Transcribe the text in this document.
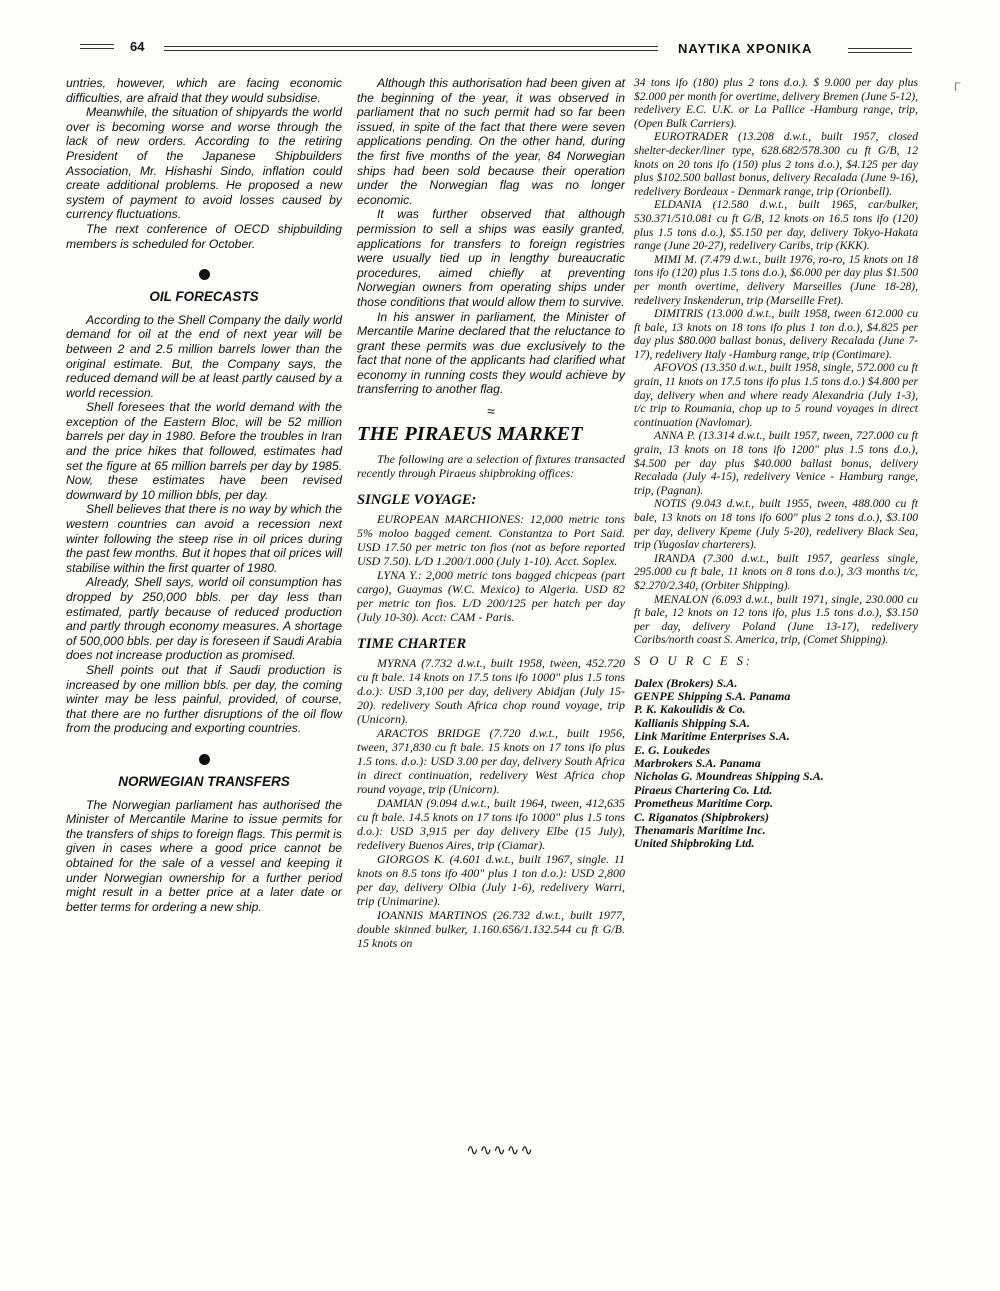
64	ΝΑΥΤΙΚΑ ΧΡΟΝΙΚΑ
Γ

untries, however, which are facing economic difficulties, are afraid that they would subsidise.

Meanwhile, the situation of shipyards the world over is becoming worse and worse through the lack of new orders. According to the retiring President of the Japanese Shipbuilders Association, Mr. Hishashi Sindo, inflation could create additional problems. He proposed a new system of payment to avoid losses caused by currency fluctuations.

The next conference of OECD shipbuilding members is scheduled for October.

OIL FORECASTS

According to the Shell Company the daily world demand for oil at the end of next year will be between 2 and 2.5 million barrels lower than the original estimate. But, the Company says, the reduced demand will be at least partly caused by a world recession.

Shell foresees that the world demand with the exception of the Eastern Bloc, will be 52 million barrels per day in 1980. Before the troubles in Iran and the price hikes that followed, estimates had set the figure at 65 million barrels per day by 1985. Now, these estimates have been revised downward by 10 million bbls, per day.

Shell believes that there is no way by which the western countries can avoid a recession next winter following the steep rise in oil prices during the past few months. But it hopes that oil prices will stabilise within the first quarter of 1980.

Already, Shell says, world oil consumption has dropped by 250,000 bbls. per day less than estimated, partly because of reduced production and partly through economy measures. A shortage of 500,000 bbls. per day is foreseen if Saudi Arabia does not increase production as promised.

Shell points out that if Saudi production is increased by one million bbls. per day, the coming winter may be less painful, provided, of course, that there are no further disruptions of the oil flow from the producing and exporting countries.

NORWEGIAN TRANSFERS

The Norwegian parliament has authorised the Minister of Mercantile Marine to issue permits for the transfers of ships to foreign flags. This permit is given in cases where a good price cannot be obtained for the sale of a vessel and keeping it under Norwegian ownership for a further period might result in a better price at a later date or better terms for ordering a new ship.

Although this authorisation had been given at the beginning of the year, it was observed in parliament that no such permit had so far been issued, in spite of the fact that there were seven applications pending. On the other hand, during the first five months of the year, 84 Norwegian ships had been sold because their operation under the Norwegian flag was no longer economic.

It was further observed that although permission to sell a ships was easily granted, applications for transfers to foreign registries were usually tied up in lengthy bureaucratic procedures, aimed chiefly at preventing Norwegian owners from operating ships under those conditions that would allow them to survive.

In his answer in parliament, the Minister of Mercantile Marine declared that the reluctance to grant these permits was due exclusively to the fact that none of the applicants had clarified what economy in running costs they would achieve by transferring to another flag.

≈
THE PIRAEUS MARKET

The following are a selection of fixtures transacted recently through Piraeus shipbroking offices:

SINGLE VOYAGE:

EUROPEAN MARCHIONES: 12,000 metric tons 5% moloo bagged cement. Constantza to Port Said. USD 17.50 per metric ton fios (not as before reported USD 7.50). L/D 1.200/1.000 (July 1-10). Acct. Soplex.

LYNA Y.: 2,000 metric tons bagged chicpeas (part cargo), Guaymas (W.C. Mexico) to Algeria. USD 82 per metric ton fios. L/D 200/125 per hatch per day (July 10-30). Acct: CAM - Paris.

TIME CHARTER

MYRNA (7.732 d.w.t., built 1958, tween, 452.720 cu ft bale. 14 knots on 17.5 tons ifo 1000" plus 1.5 tons d.o.): USD 3,100 per day, delivery Abidjan (July 15-20). redelivery South Africa chop round voyage, trip (Unicorn).

ARACTOS BRIDGE (7.720 d.w.t., built 1956, tween, 371,830 cu ft bale. 15 knots on 17 tons ifo plus 1.5 tons. d.o.): USD 3.00 per day, delivery South Africa in direct continuation, redelivery West Africa chop round voyage, trip (Unicorn).

DAMIAN (9.094 d.w.t., built 1964, tween, 412,635 cu ft bale. 14.5 knots on 17 tons ifo 1000" plus 1.5 tons d.o.): USD 3,915 per day delivery Elbe (15 July), redelivery Buenos Aires, trip (Ciamar).

GIORGOS K. (4.601 d.w.t., built 1967, single. 11 knots on 8.5 tons ifo 400" plus 1 ton d.o.): USD 2,800 per day, delivery Olbia (July 1-6), redelivery Warri, trip (Unimarine).

IOANNIS MARTINOS (26.732 d.w.t., built 1977, double skinned bulker, 1.160.656/1.132.544 cu ft G/B. 15 knots on

34 tons ifo (180) plus 2 tons d.o.). $ 9.000 per day plus $2.000 per month for overtime, delivery Bremen (June 5-12), redelivery E.C. U.K. or La Pallice -Hamburg range, trip, (Open Bulk Carriers).

EUROTRADER (13.208 d.w.t., built 1957, closed shelter-decker/liner type, 628.682/578.300 cu ft G/B, 12 knots on 20 tons ifo (150) plus 2 tons d.o.), $4.125 per day plus $102.500 ballast bonus, delivery Recalada (June 9-16), redelivery Bordeaux - Denmark range, trip (Orionbell).

ELDANIA (12.580 d.w.t., built 1965, car/bulker, 530.371/510.081 cu ft G/B, 12 knots on 16.5 tons ifo (120) plus 1.5 tons d.o.), $5.150 per day, delivery Tokyo-Hakata range (June 20-27), redelivery Caribs, trip (KKK).

MIMI M. (7.479 d.w.t., built 1976, ro-ro, 15 knots on 18 tons ifo (120) plus 1.5 tons d.o.), $6.000 per day plus $1.500 per month overtime, delivery Marseilles (June 18-28), redelivery Inskenderun, trip (Marseille Fret).

DIMITRIS (13.000 d.w.t., built 1958, tween 612.000 cu ft bale, 13 knots on 18 tons ifo plus 1 ton d.o.), $4.825 per day plus $80.000 ballast bonus, delivery Recalada (June 7-17), redelivery Italy -Hamburg range, trip (Contimare).

AFOVOS (13.350 d.w.t., built 1958, single, 572.000 cu ft grain, 11 knots on 17.5 tons ifo plus 1.5 tons d.o.) $4.800 per day, delivery when and where ready Alexandria (July 1-3), t/c trip to Roumania, chop up to 5 round voyages in direct continuation (Navlomar).

ANNA P. (13.314 d.w.t., built 1957, tween, 727.000 cu ft grain, 13 knots on 18 tons ifo 1200" plus 1.5 tons d.o.), $4.500 per day plus $40.000 ballast bonus, delivery Recalada (July 4-15), redelivery Venice - Hamburg range, trip, (Pagnan).

NOTIS (9.043 d.w.t., built 1955, tween, 488.000 cu ft bale, 13 knots on 18 tons ifo 600" plus 2 tons d.o.), $3.100 per day, delivery Kpeme (July 5-20), redelivery Black Sea, trip (Yugoslav charterers).

IRANDA (7.300 d.w.t., built 1957, gearless single, 295.000 cu ft bale, 11 knots on 8 tons d.o.), 3/3 months t/c, $2.270/2.340, (Orbiter Shipping).

MENALON (6.093 d.w.t., built 1971, single, 230.000 cu ft bale, 12 knots on 12 tons ifo, plus 1.5 tons d.o.), $3.150 per day, delivery Poland (June 13-17), redelivery Caribs/north coast S. America, trip, (Comet Shipping).

S O U R C E S:
Dalex (Brokers) S.A.
GENPE Shipping S.A. Panama
P. K. Kakoulidis & Co.
Kallianis Shipping S.A.
Link Maritime Enterprises S.A.
E. G. Loukedes
Marbrokers S.A. Panama
Nicholas G. Moundreas Shipping S.A.
Piraeus Chartering Co. Ltd.
Prometheus Maritime Corp.
C. Riganatos (Shipbrokers)
Thenamaris Maritime Inc.
United Shipbroking Ltd.
∿∿∿∿∿
